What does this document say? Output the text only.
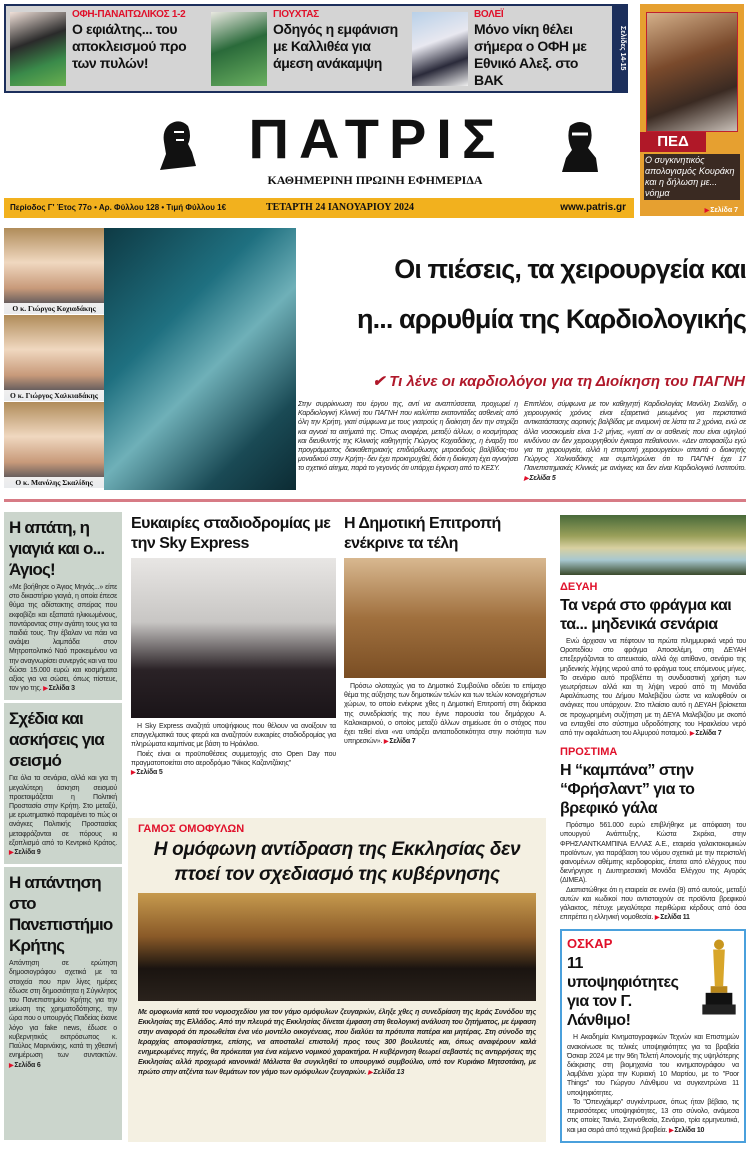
ΟΦΗ-ΠΑΝΑΙΤΩΛΙΚΟΣ 1-2
Ο εφιάλτης... του αποκλεισμού προ των πυλών!
ΓΙΟΥΧΤΑΣ
Οδηγός η εμφάνιση με Καλλιθέα για άμεση ανάκαμψη
ΒΟΛΕΪ
Μόνο νίκη θέλει σήμερα ο ΟΦΗ με Εθνικό Αλεξ. στο ΒΑΚ
Σελίδες 14-15
ΠΕΔ
Ο συγκινητικός απολογισμός Κουράκη και η δήλωση με... νόημα
▶ Σελίδα 7
ΠΑΤΡΙΣ
ΚΑΘΗΜΕΡΙΝΗ ΠΡΩΙΝΗ ΕΦΗΜΕΡΙΔΑ
Περίοδος Γ' Έτος 77ο • Αρ. Φύλλου 128 • Τιμή Φύλλου 1€	ΤΕΤΑΡΤΗ 24 ΙΑΝΟΥΑΡΙΟΥ 2024	www.patris.gr
Ο κ. Γιώργος Κοχιαδάκης
Ο κ. Γιώργος Χαλκιαδάκης
Ο κ. Μανόλης Σκαλίδης
Οι πιέσεις, τα χειρουργεία και
η... αρρυθμία της Καρδιολογικής
✔ Τι λένε οι καρδιολόγοι για τη Διοίκηση του ΠΑΓΝΗ
Στην συρρίκνωση του έργου της, αντί να αναπτύσσεται, προχωρεί η Καρδιολογική Κλινική του ΠΑΓΝΗ που καλύπτει εκατοντάδες ασθενείς από όλη την Κρήτη, γιατί σύμφωνα με τους γιατρούς η διοίκηση δεν την στηρίζει και αγνοεί τα αιτήματά της. Όπως αναφέρει, μεταξύ άλλων, ο κοσμήτορας και διευθυντής της Κλινικής καθηγητής Γιώργος Κοχιαδάκης, η έναρξη του προγράμματος διακαθετηριακής επιδιόρθωσης μιτροειδούς βαλβίδας-του μοναδικού στην Κρήτη- δεν έχει προκηρυχθεί, διότι η διοίκηση έχει αγνοήσει το σχετικό αίτημα, παρά το γεγονός ότι υπάρχει έγκριση από το ΚΕΣΥ.
Επιπλέον, σύμφωνα με τον καθηγητή Καρδιολογίας Μανόλη Σκαλίδη, ο χειρουργικός χρόνος είναι εξαιρετικά μειωμένος για περιστατικά αντικατάστασης αορτικής βαλβίδας με αναμονή σε λίστα τα 2 χρόνια, ενώ σε άλλα νοσοκομεία είναι 1-2 μήνες, «γιατί αν οι ασθενείς που είναι υψηλού κινδύνου αν δεν χειρουργηθούν έγκαιρα πεθαίνουν». «Δεν αποφασίζω εγώ για τα χειρουργεία, αλλά η επιτροπή χειρουργείου» απαντά ο διοικητής Γιώργος Χαλκιαδάκης και συμπληρώνει ότι το ΠΑΓΝΗ έχει 17 Πανεπιστημιακές Κλινικές με ανάγκες και δεν είναι Καρδιολογικό Ινστιτούτο. ▶ Σελίδα 5
Η απάτη, η γιαγιά και ο... Άγιος!
«Με βοήθησε ο Άγιος Μηνάς...» είπε στο δικαστήριο γιαγιά, η οποία έπεσε θύμα της αδίστακτης σπείρας που εκφοβίζει και εξαπατά ηλικιωμένους, ποντάροντας στην αγάπη τους για τα παιδιά τους. Την έβαλαν να πάει να ανάψει λαμπάδα στον Μητροπολιτικό Ναό προκειμένου να την αναγνωρίσει συνεργός και να του δώσει 15.000 ευρώ και κοσμήματα αξίας για να σώσει, όπως πίστευε, τον γιο της. ▶ Σελίδα 3
Σχέδια και ασκήσεις για σεισμό
Για όλα τα σενάρια, αλλά και για τη μεγαλύτερη άσκηση σεισμού προετοιμάζεται η Πολιτική Προστασία στην Κρήτη. Στο μεταξύ, με ερωτηματικό παραμένει το πώς οι ανάγκες Πολιτικής Προστασίας μεταφράζονται σε πόρους κι εξοπλισμό από το Κεντρικό Κράτος. ▶ Σελίδα 9
Η απάντηση στο Πανεπιστήμιο Κρήτης
Απάντηση σε ερώτηση δημοσιογράφου σχετικά με τα στοιχεία που πριν λίγες ημέρες έδωσε στη δημοσιότητα η Σύγκλητος του Πανεπιστημίου Κρήτης για την μείωση της χρηματοδότησης, την ώρα που ο υπουργός Παιδείας έκανε λόγο για fake news, έδωσε ο κυβερνητικός εκπρόσωπος κ. Παύλος Μαρινάκης, κατά τη χθεσινή ενημέρωση των συντακτών. ▶ Σελίδα 6
Ευκαιρίες σταδιοδρομίας με την Sky Express
Η Sky Express αναζητά υποψήφιους που θέλουν να ανοίξουν τα επαγγελματικά τους φτερά και αναζητούν ευκαιρίες σταδιοδρομίας για πληρώματα καμπίνας με βάση το Ηράκλειο.
Ποιές είναι οι προϋποθέσεις συμμετοχής στο Open Day που πραγματοποιείται στο αεροδρόμιο "Νίκος Καζαντζάκης"
▶ Σελίδα 5
Η Δημοτική Επιτροπή ενέκρινε τα τέλη
Πρόσω ολοταχώς για το Δημοτικό Συμβούλιο οδεύει το επίμαχο θέμα της αύξησης των δημοτικών τελών και των τελών κοινοχρήστων χώρων, το οποίο ενέκρινε χθες η Δημοτική Επιτροπή στη διάρκεια της συνεδρίασής της που έγινε παρουσία του δημάρχου Α. Καλοκαιρινού, ο οποίος μεταξύ άλλων σημείωσε ότι ο στόχος που έχει τεθεί είναι «να υπάρξει ανταποδοτικότητα στην ποιότητα των υπηρεσιών». ▶ Σελίδα 7
ΓΑΜΟΣ ΟΜΟΦΥΛΩΝ
Η ομόφωνη αντίδραση της Εκκλησίας δεν πτοεί τον σχεδιασμό της κυβέρνησης
Με ομοφωνία κατά του νομοσχεδίου για τον γάμο ομόφυλων ζευγαριών, έληξε χθες η συνεδρίαση της Ιεράς Συνόδου της Εκκλησίας της Ελλάδος. Από την πλευρά της Εκκλησίας δίνεται έμφαση στη θεολογική ανάλυση του ζητήματος, με έμφαση στην αναφορά ότι προωθείται ένα νέο μοντέλο οικογένειας, που διαλύει τα πρότυπα πατέρα και μητέρας. Στη σύνοδο της Ιεραρχίας αποφασίστηκε, επίσης, να αποσταλεί επιστολή προς τους 300 βουλευτές και, όπως αναφέρουν καλά ενημερωμένες πηγές, θα πρόκειται για ένα κείμενο νομικού χαρακτήρα. Η κυβέρνηση θεωρεί σεβαστές τις αντιρρήσεις της Εκκλησίας αλλά προχωρά κανονικά! Μάλιστα θα συγκληθεί το υπουργικό συμβούλιο, υπό τον Κυριάκο Μητσοτάκη, με πρώτο στην ατζέντα των θεμάτων τον γάμο των ομόφυλων ζευγαριών. ▶ Σελίδα 13
ΔΕΥΑΗ
Τα νερά στο φράγμα και τα... μηδενικά σενάρια
Ενώ άρχισαν να πέφτουν τα πρώτα πλημμυρικά νερά του Οροπεδίου στο φράγμα Αποσελέμη, στη ΔΕΥΑΗ επεξεργάζονται το απευκταίο, αλλά όχι απίθανο, σενάριο της μηδενικής λήψης νερού από το φράγμα τους επόμενους μήνες. Το σενάριο αυτό προβλέπει τη συνδυαστική χρήση των γεωτρήσεων αλλά και τη λήψη νερού από τη Μονάδα Αφαλάτωσης του Δήμου Μαλεβιζίου ώστε να καλυφθούν οι ανάγκες που υπάρχουν. Στο πλαίσιο αυτό η ΔΕΥΑΗ βρίσκεται σε προχωρημένη συζήτηση με τη ΔΕΥΑ Μαλεβιζίου με σκοπό να ενταχθεί στο σύστημα υδροδότησης του Ηρακλείου νερό από την αφαλάτωση του Αλμυρού ποταμού. ▶ Σελίδα 7
ΠΡΟΣΤΙΜΑ
Η “καμπάνα” στην “Φρήσλαντ” για το βρεφικό γάλα
Πρόστιμο 561.000 ευρώ επιβλήθηκε με απόφαση του υπουργού Ανάπτυξης, Κώστα Σκρέκα, στην ΦΡΗΣΛΑΝΤΚΑΜΠΙΝΑ ΕΛΛΑΣ Α.Ε., εταιρεία γαλακτοκομικών προϊόντων, για παράβαση του νόμου σχετικά με την περιστολή φαινομένων αθέμιτης κερδοφορίας, έπειτα από ελέγχους που διενήργησε η Διυπηρεσιακή Μονάδα Ελέγχου της Αγοράς (ΔΙΜΕΑ).
Διαπιστώθηκε ότι η εταιρεία σε εννέα (9) από αυτούς, μεταξύ αυτών και κωδικοί που αντιστοιχούν σε προϊόντα βρεφικού γάλακτος, πέτυχε μεγαλύτερα περιθώρια κέρδους από όσα επιτρέπει η ελληνική νομοθεσία. ▶ Σελίδα 11
ΟΣΚΑΡ
11 υποψηφιότητες για τον Γ. Λάνθιμο!
Η Ακαδημία Κινηματογραφικών Τεχνών και Επιστημών ανακοίνωσε τις τελικές υποψηφιότητες για τα βραβεία Όσκαρ 2024 με την 96η Τελετή Απονομής της υψηλότερης διάκρισης στη βιομηχανία του κινηματογράφου να λαμβάνει χώρα την Κυριακή 10 Μαρτίου, με το "Poor Things" του Γιώργου Λάνθιμου να συγκεντρώνει 11 υποψηφιότητες.
Το "Οπενχάιμερ" συγκέντρωσε, όπως ήταν βέβαιο, τις περισσότερες υποψηφιότητες, 13 στο σύνολο, ανάμεσα στις οποίες Ταινία, Σκηνοθεσία, Σενάριο, τρία ερμηνευτικά, και μια σειρά από τεχνικά βραβεία. ▶ Σελίδα 10
